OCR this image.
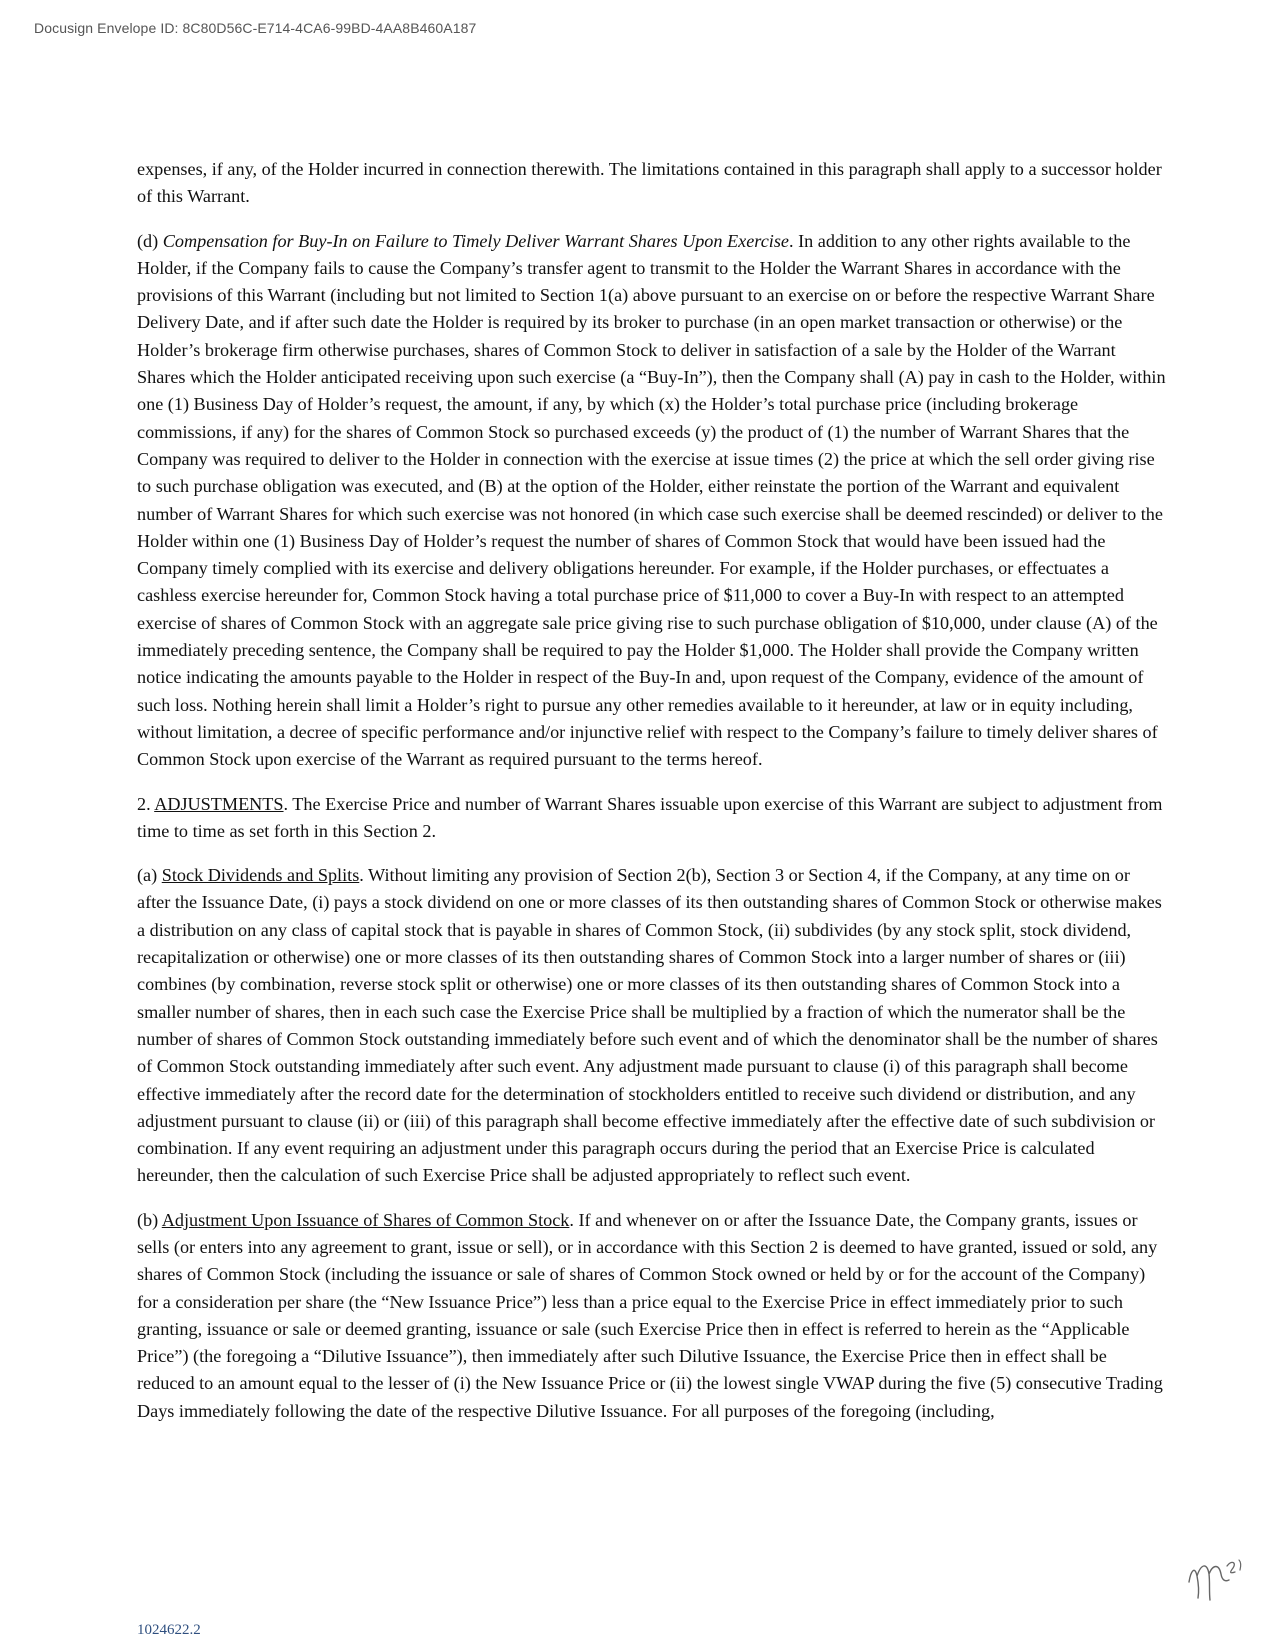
Docusign Envelope ID: 8C80D56C-E714-4CA6-99BD-4AA8B460A187

expenses, if any, of the Holder incurred in connection therewith. The limitations contained in this paragraph shall apply to a successor holder of this Warrant.

(d) Compensation for Buy-In on Failure to Timely Deliver Warrant Shares Upon Exercise. In addition to any other rights available to the Holder, if the Company fails to cause the Company’s transfer agent to transmit to the Holder the Warrant Shares in accordance with the provisions of this Warrant (including but not limited to Section 1(a) above pursuant to an exercise on or before the respective Warrant Share Delivery Date, and if after such date the Holder is required by its broker to purchase (in an open market transaction or otherwise) or the Holder’s brokerage firm otherwise purchases, shares of Common Stock to deliver in satisfaction of a sale by the Holder of the Warrant Shares which the Holder anticipated receiving upon such exercise (a “Buy-In”), then the Company shall (A) pay in cash to the Holder, within one (1) Business Day of Holder’s request, the amount, if any, by which (x) the Holder’s total purchase price (including brokerage commissions, if any) for the shares of Common Stock so purchased exceeds (y) the product of (1) the number of Warrant Shares that the Company was required to deliver to the Holder in connection with the exercise at issue times (2) the price at which the sell order giving rise to such purchase obligation was executed, and (B) at the option of the Holder, either reinstate the portion of the Warrant and equivalent number of Warrant Shares for which such exercise was not honored (in which case such exercise shall be deemed rescinded) or deliver to the Holder within one (1) Business Day of Holder’s request the number of shares of Common Stock that would have been issued had the Company timely complied with its exercise and delivery obligations hereunder. For example, if the Holder purchases, or effectuates a cashless exercise hereunder for, Common Stock having a total purchase price of $11,000 to cover a Buy-In with respect to an attempted exercise of shares of Common Stock with an aggregate sale price giving rise to such purchase obligation of $10,000, under clause (A) of the immediately preceding sentence, the Company shall be required to pay the Holder $1,000. The Holder shall provide the Company written notice indicating the amounts payable to the Holder in respect of the Buy-In and, upon request of the Company, evidence of the amount of such loss. Nothing herein shall limit a Holder’s right to pursue any other remedies available to it hereunder, at law or in equity including, without limitation, a decree of specific performance and/or injunctive relief with respect to the Company’s failure to timely deliver shares of Common Stock upon exercise of the Warrant as required pursuant to the terms hereof.

2. ADJUSTMENTS. The Exercise Price and number of Warrant Shares issuable upon exercise of this Warrant are subject to adjustment from time to time as set forth in this Section 2.

(a) Stock Dividends and Splits. Without limiting any provision of Section 2(b), Section 3 or Section 4, if the Company, at any time on or after the Issuance Date, (i) pays a stock dividend on one or more classes of its then outstanding shares of Common Stock or otherwise makes a distribution on any class of capital stock that is payable in shares of Common Stock, (ii) subdivides (by any stock split, stock dividend, recapitalization or otherwise) one or more classes of its then outstanding shares of Common Stock into a larger number of shares or (iii) combines (by combination, reverse stock split or otherwise) one or more classes of its then outstanding shares of Common Stock into a smaller number of shares, then in each such case the Exercise Price shall be multiplied by a fraction of which the numerator shall be the number of shares of Common Stock outstanding immediately before such event and of which the denominator shall be the number of shares of Common Stock outstanding immediately after such event. Any adjustment made pursuant to clause (i) of this paragraph shall become effective immediately after the record date for the determination of stockholders entitled to receive such dividend or distribution, and any adjustment pursuant to clause (ii) or (iii) of this paragraph shall become effective immediately after the effective date of such subdivision or combination. If any event requiring an adjustment under this paragraph occurs during the period that an Exercise Price is calculated hereunder, then the calculation of such Exercise Price shall be adjusted appropriately to reflect such event.

(b) Adjustment Upon Issuance of Shares of Common Stock. If and whenever on or after the Issuance Date, the Company grants, issues or sells (or enters into any agreement to grant, issue or sell), or in accordance with this Section 2 is deemed to have granted, issued or sold, any shares of Common Stock (including the issuance or sale of shares of Common Stock owned or held by or for the account of the Company) for a consideration per share (the “New Issuance Price”) less than a price equal to the Exercise Price in effect immediately prior to such granting, issuance or sale or deemed granting, issuance or sale (such Exercise Price then in effect is referred to herein as the “Applicable Price”) (the foregoing a “Dilutive Issuance”), then immediately after such Dilutive Issuance, the Exercise Price then in effect shall be reduced to an amount equal to the lesser of (i) the New Issuance Price or (ii) the lowest single VWAP during the five (5) consecutive Trading Days immediately following the date of the respective Dilutive Issuance. For all purposes of the foregoing (including,

1024622.2
